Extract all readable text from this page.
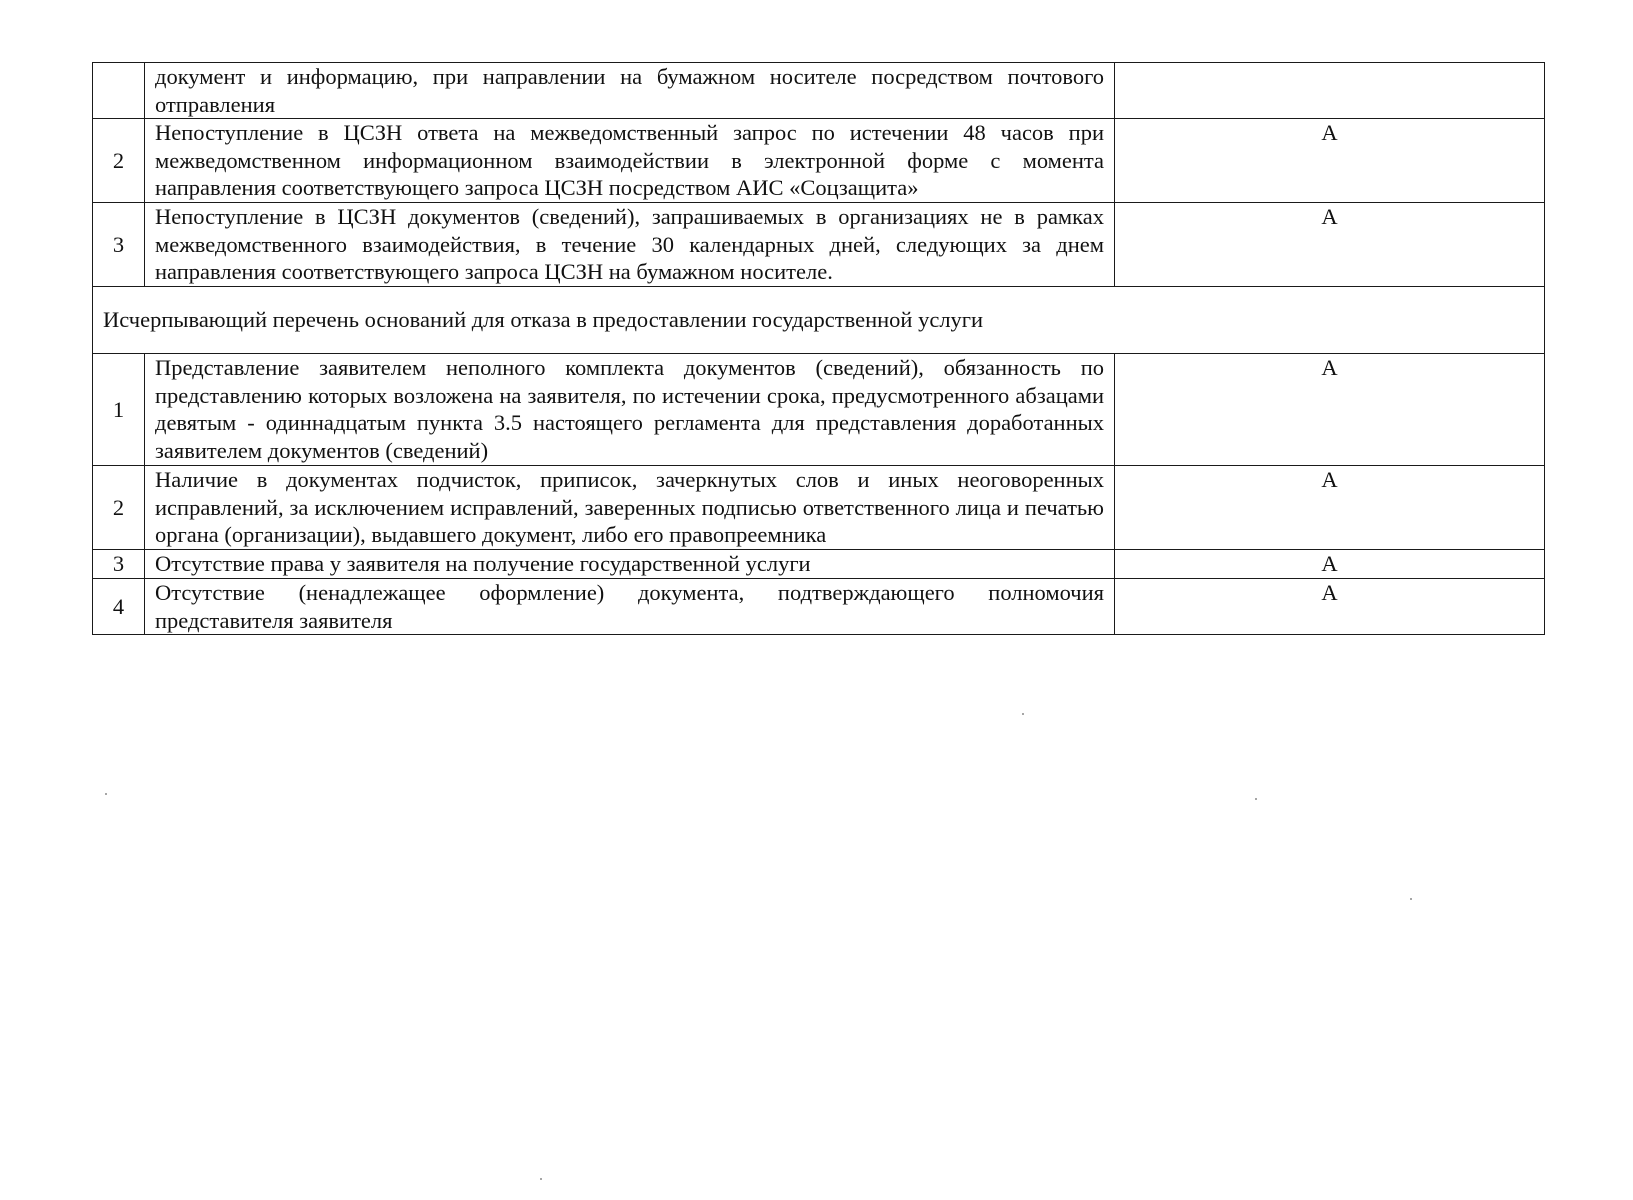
	документ и информацию, при направлении на бумажном носителе посредством почтового отправления	
2	Непоступление в ЦСЗН ответа на межведомственный запрос по истечении 48 часов при межведомственном информационном взаимодействии в электронной форме с момента направления соответствующего запроса ЦСЗН посредством АИС «Соцзащита»	А
3	Непоступление в ЦСЗН документов (сведений), запрашиваемых в организациях не в рамках межведомственного взаимодействия, в течение 30 календарных дней, следующих за днем направления соответствующего запроса ЦСЗН на бумажном носителе.	А
Исчерпывающий перечень оснований для отказа в предоставлении государственной услуги		
1	Представление заявителем неполного комплекта документов (сведений), обязанность по представлению которых возложена на заявителя, по истечении срока, предусмотренного абзацами девятым - одиннадцатым пункта 3.5 настоящего регламента для представления доработанных заявителем документов (сведений)	А
2	Наличие в документах подчисток, приписок, зачеркнутых слов и иных неоговоренных исправлений, за исключением исправлений, заверенных подписью ответственного лица и печатью органа (организации), выдавшего документ, либо его правопреемника	А
3	Отсутствие права у заявителя на получение государственной услуги	А
4	Отсутствие (ненадлежащее оформление) документа, подтверждающего полномочия представителя заявителя	А
